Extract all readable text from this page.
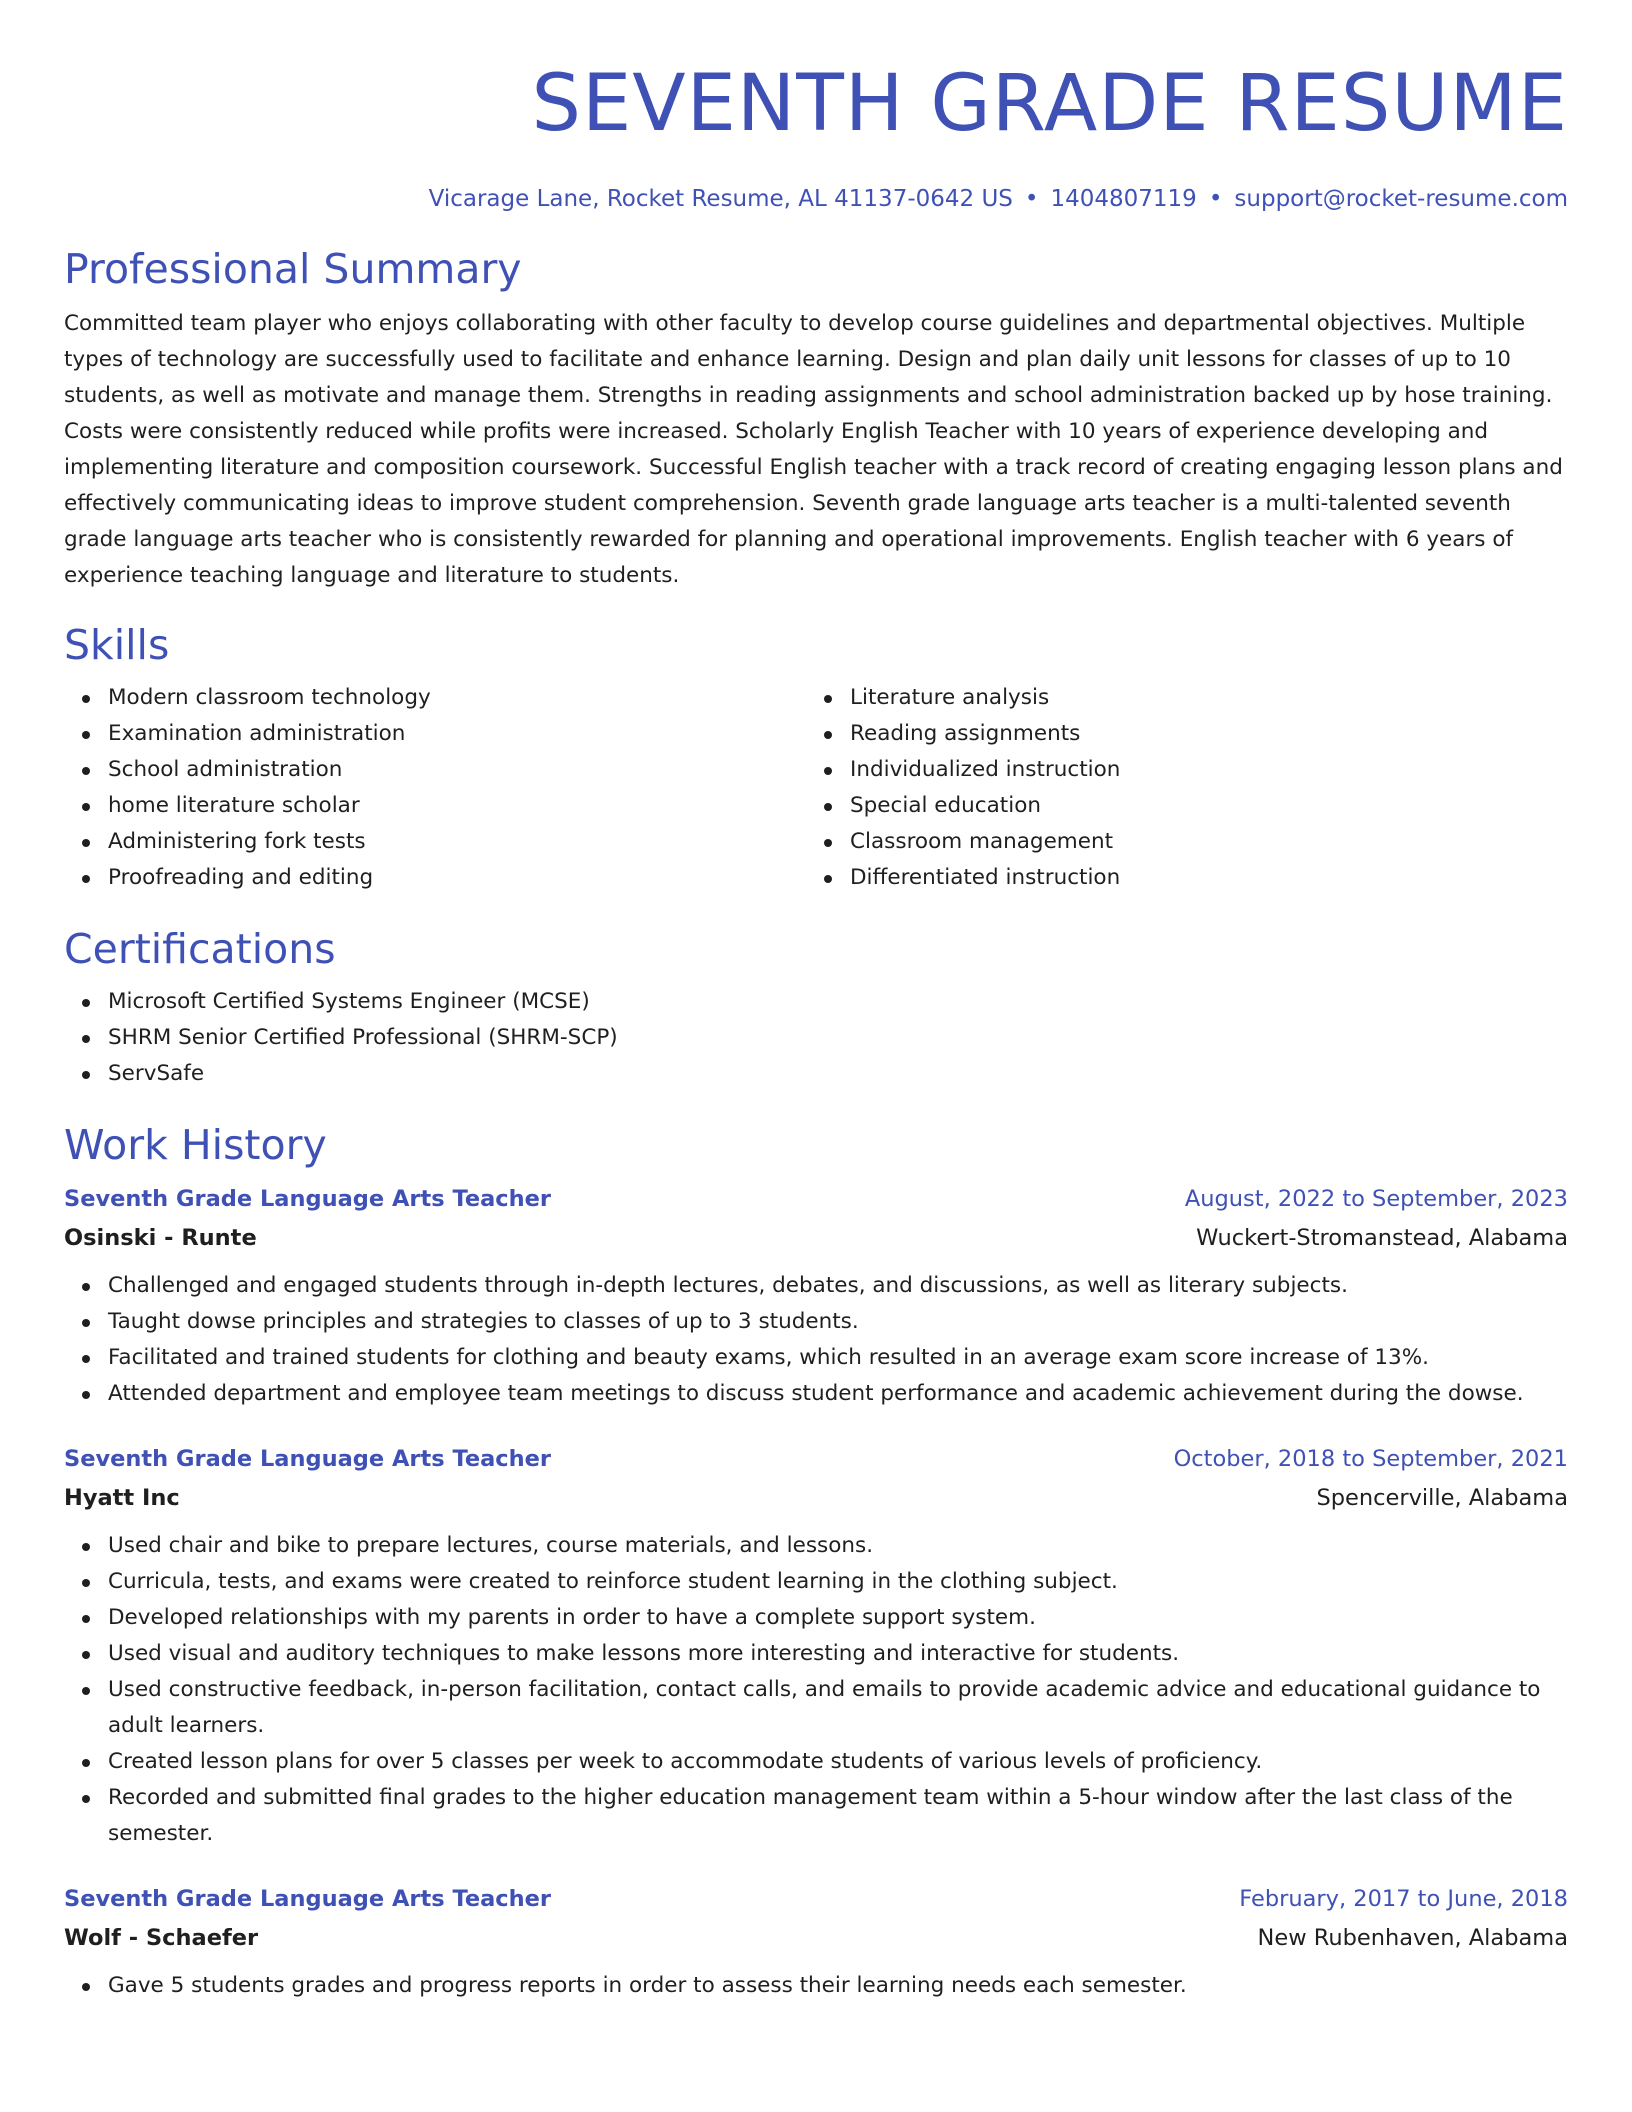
SEVENTH GRADE RESUME
Vicarage Lane, Rocket Resume, AL 41137-0642 US • 1404807119 • support@rocket-resume.com
Professional Summary

Committed team player who enjoys collaborating with other faculty to develop course guidelines and departmental objectives. Multiple types of technology are successfully used to facilitate and enhance learning. Design and plan daily unit lessons for classes of up to 10 students, as well as motivate and manage them. Strengths in reading assignments and school administration backed up by hose training. Costs were consistently reduced while profits were increased. Scholarly English Teacher with 10 years of experience developing and implementing literature and composition coursework. Successful English teacher with a track record of creating engaging lesson plans and effectively communicating ideas to improve student comprehension. Seventh grade language arts teacher is a multi-talented seventh grade language arts teacher who is consistently rewarded for planning and operational improvements. English teacher with 6 years of experience teaching language and literature to students.

Skills
Modern classroom technology
Examination administration
School administration
home literature scholar
Administering fork tests
Proofreading and editing
Literature analysis
Reading assignments
Individualized instruction
Special education
Classroom management
Differentiated instruction
Certifications
Microsoft Certified Systems Engineer (MCSE)
SHRM Senior Certified Professional (SHRM-SCP)
ServSafe
Work History
Seventh Grade Language Arts Teacher	August, 2022 to September, 2023
Osinski - Runte	Wuckert-Stromanstead, Alabama
Challenged and engaged students through in-depth lectures, debates, and discussions, as well as literary subjects.
Taught dowse principles and strategies to classes of up to 3 students.
Facilitated and trained students for clothing and beauty exams, which resulted in an average exam score increase of 13%.
Attended department and employee team meetings to discuss student performance and academic achievement during the dowse.
Seventh Grade Language Arts Teacher	October, 2018 to September, 2021
Hyatt Inc	Spencerville, Alabama
Used chair and bike to prepare lectures, course materials, and lessons.
Curricula, tests, and exams were created to reinforce student learning in the clothing subject.
Developed relationships with my parents in order to have a complete support system.
Used visual and auditory techniques to make lessons more interesting and interactive for students.
Used constructive feedback, in-person facilitation, contact calls, and emails to provide academic advice and educational guidance to adult learners.
Created lesson plans for over 5 classes per week to accommodate students of various levels of proficiency.
Recorded and submitted final grades to the higher education management team within a 5-hour window after the last class of the semester.
Seventh Grade Language Arts Teacher	February, 2017 to June, 2018
Wolf - Schaefer	New Rubenhaven, Alabama
Gave 5 students grades and progress reports in order to assess their learning needs each semester.
